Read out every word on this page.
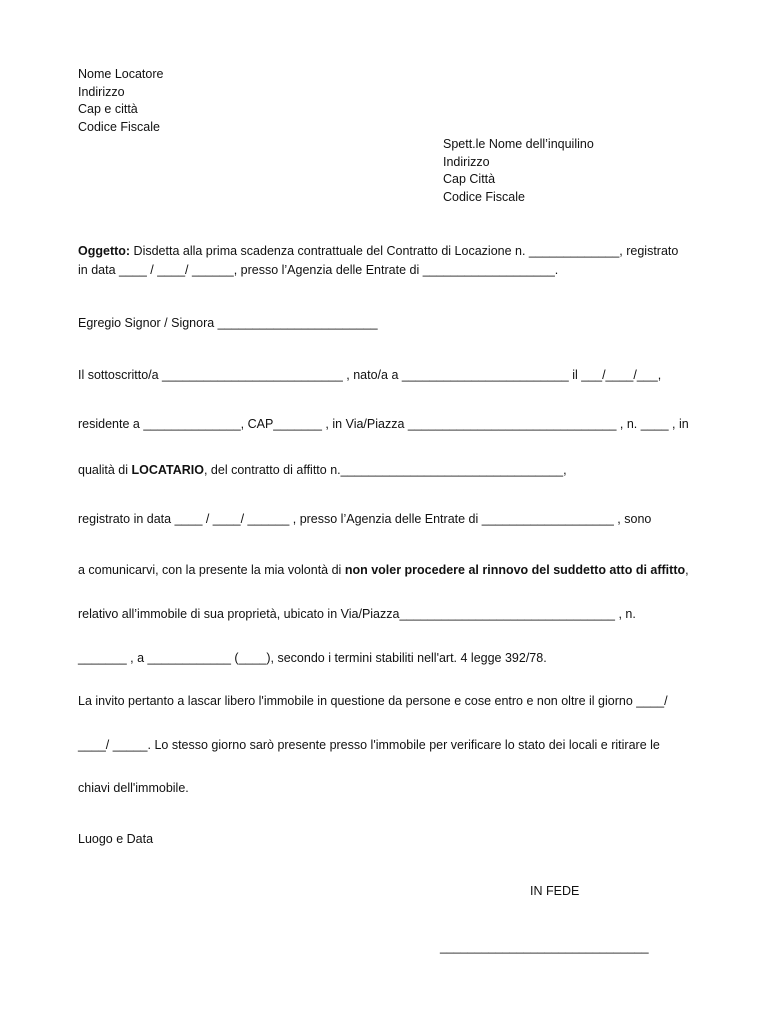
Nome Locatore
Indirizzo
Cap e città
Codice Fiscale
Spett.le Nome dell’inquilino
Indirizzo
Cap Città
Codice Fiscale
Oggetto: Disdetta alla prima scadenza contrattuale del Contratto di Locazione n. _____________, registrato
in data ____ / ____/ ______, presso l’Agenzia delle Entrate di ___________________.
Egregio Signor / Signora _______________________
Il sottoscritto/a __________________________ , nato/a a ________________________ il ___/____/___,
residente a ______________, CAP_______ , in Via/Piazza ______________________________ , n. ____ , in
qualità di LOCATARIO, del contratto di affitto n.________________________________,
registrato in data ____ / ____/ ______ , presso l’Agenzia delle Entrate di ___________________ , sono
a comunicarvi, con la presente la mia volontà di non voler procedere al rinnovo del suddetto atto di affitto,
relativo all’immobile di sua proprietà, ubicato in Via/Piazza_______________________________ , n.
_______ , a ____________ (____), secondo i termini stabiliti nell'art. 4 legge 392/78.
La invito pertanto a lascar libero l'immobile in questione da persone e cose entro e non oltre il giorno ____/
____/ _____. Lo stesso giorno sarò presente presso l'immobile per verificare lo stato dei locali e ritirare le
chiavi dell'immobile.
Luogo e Data
IN FEDE
______________________________
